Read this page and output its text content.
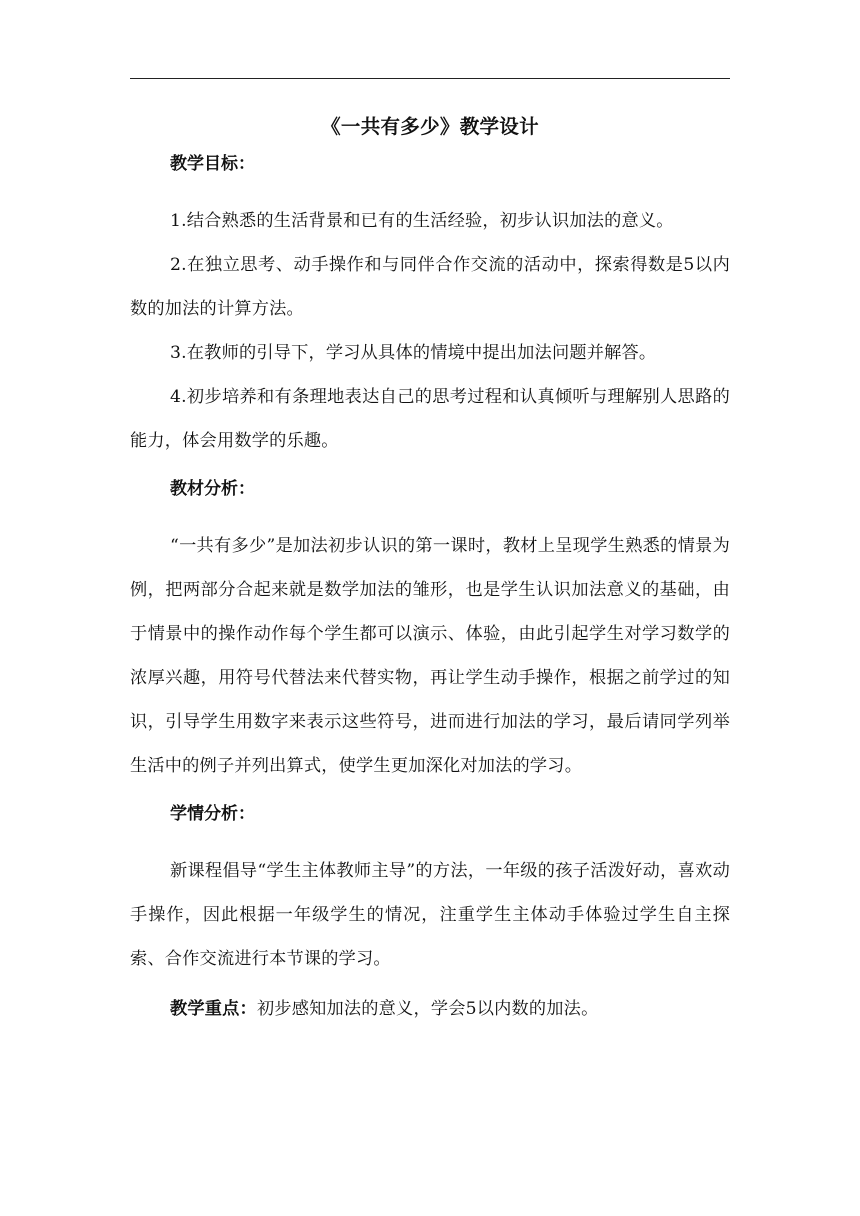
《一共有多少》教学设计
教学目标：

1.结合熟悉的生活背景和已有的生活经验，初步认识加法的意义。

2.在独立思考、动手操作和与同伴合作交流的活动中，探索得数是5以内数的加法的计算方法。

3.在教师的引导下，学习从具体的情境中提出加法问题并解答。

4.初步培养和有条理地表达自己的思考过程和认真倾听与理解别人思路的能力，体会用数学的乐趣。

教材分析：

“一共有多少”是加法初步认识的第一课时，教材上呈现学生熟悉的情景为例，把两部分合起来就是数学加法的雏形，也是学生认识加法意义的基础，由于情景中的操作动作每个学生都可以演示、体验，由此引起学生对学习数学的浓厚兴趣，用符号代替法来代替实物，再让学生动手操作，根据之前学过的知识，引导学生用数字来表示这些符号，进而进行加法的学习，最后请同学列举生活中的例子并列出算式，使学生更加深化对加法的学习。

学情分析：

新课程倡导“学生主体教师主导”的方法，一年级的孩子活泼好动，喜欢动手操作，因此根据一年级学生的情况，注重学生主体动手体验过学生自主探索、合作交流进行本节课的学习。

教学重点：初步感知加法的意义，学会5以内数的加法。
